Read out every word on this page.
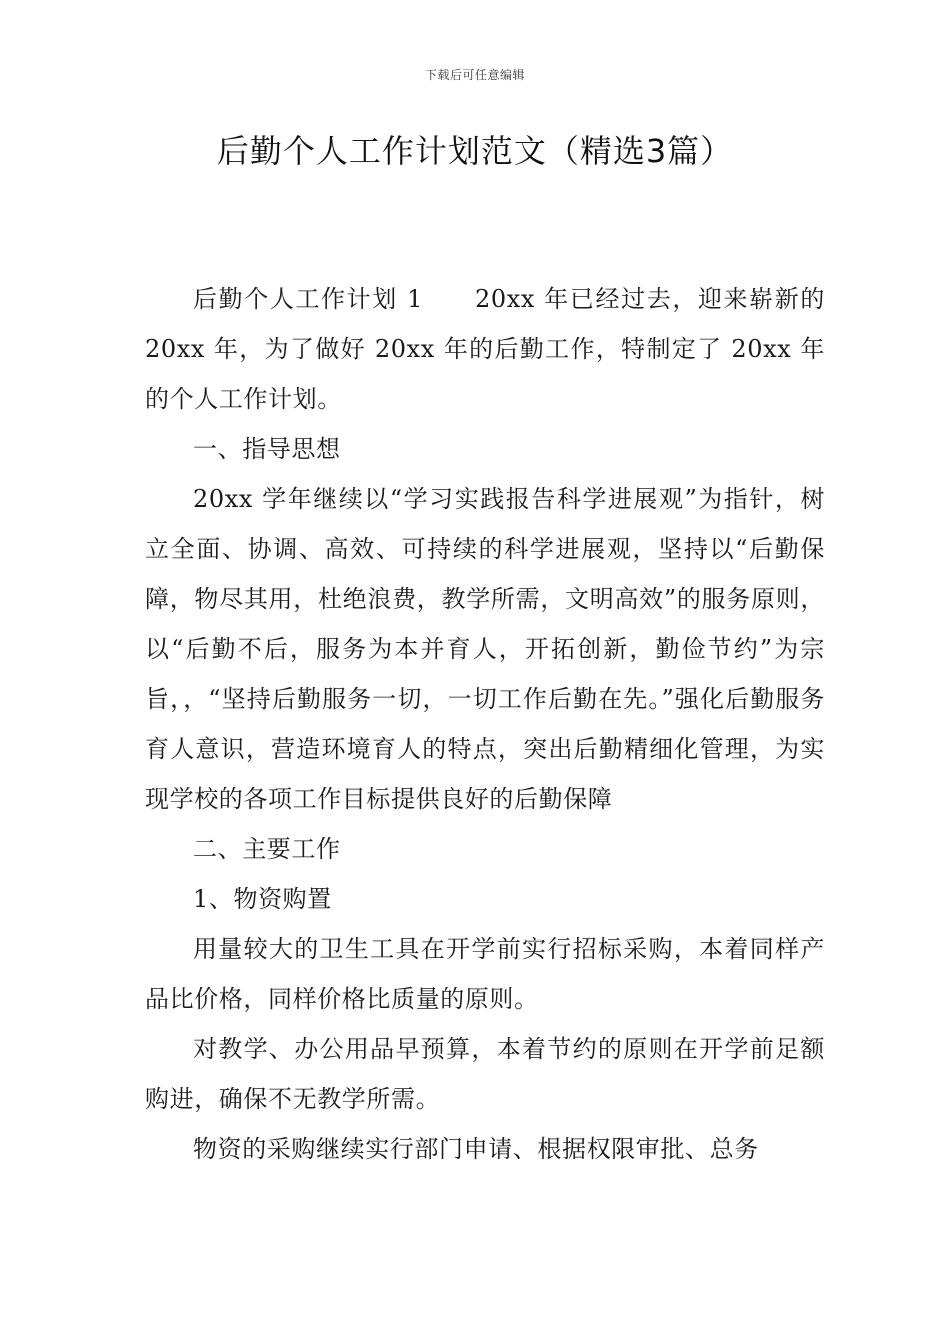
下载后可任意编辑
后勤个人工作计划范文（精选3篇）

后勤个人工作计划 1 20xx 年已经过去，迎来崭新的 20xx 年，为了做好 20xx 年的后勤工作，特制定了 20xx 年的个人工作计划。

一、指导思想

20xx 学年继续以“学习实践报告科学进展观”为指针，树立全面、协调、高效、可持续的科学进展观，坚持以“后勤保障，物尽其用，杜绝浪费，教学所需，文明高效”的服务原则，以“后勤不后，服务为本并育人，开拓创新，勤俭节约”为宗旨，，“坚持后勤服务一切，一切工作后勤在先。”强化后勤服务育人意识，营造环境育人的特点，突出后勤精细化管理，为实现学校的各项工作目标提供良好的后勤保障

二、主要工作

1、物资购置

用量较大的卫生工具在开学前实行招标采购，本着同样产品比价格，同样价格比质量的原则。

对教学、办公用品早预算，本着节约的原则在开学前足额购进，确保不无教学所需。

物资的采购继续实行部门申请、根据权限审批、总务
